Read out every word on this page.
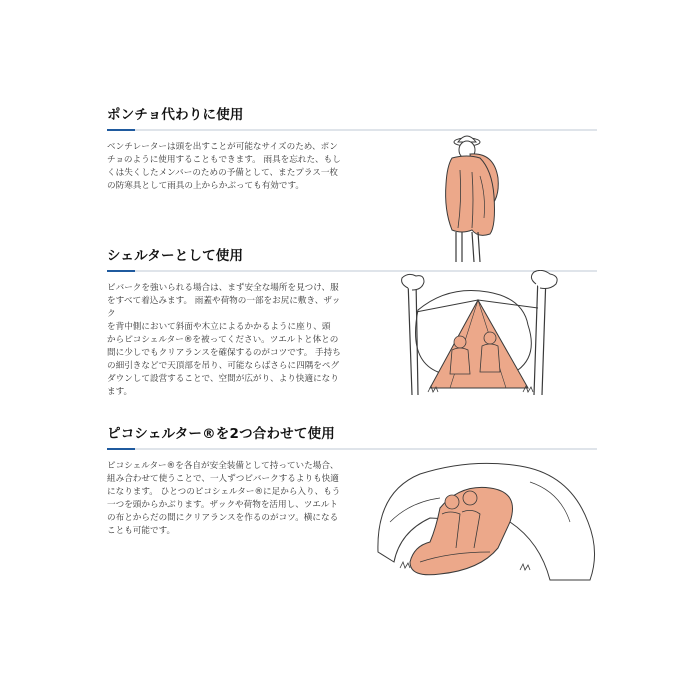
ポンチョ代わりに使用

ベンチレーターは頭を出すことが可能なサイズのため、ポン

チョのように使用することもできます。 雨具を忘れた、もし

くは失くしたメンバーのための予備として、またプラス一枚

の防寒具として雨具の上からかぶっても有効です。

シェルターとして使用

ビバークを強いられる場合は、まず安全な場所を見つけ、服

をすべて着込みます。 雨蓋や荷物の一部をお尻に敷き、ザック

を背中側において斜面や木立によるかかるように座り、頭

からピコシェルター®を被ってください。ツエルトと体との

間に少しでもクリアランスを確保するのがコツです。 手持ち

の細引きなどで天頂部を吊り、可能ならばさらに四隅をペグ

ダウンして設営することで、空間が広がり、より快適になり

ます。

ピコシェルター®を2つ合わせて使用

ピコシェルター®を各自が安全装備として持っていた場合、

組み合わせて使うことで、一人ずつビバークするよりも快適

になります。 ひとつのピコシェルター®に足から入り、もう

一つを頭からかぶります。ザックや荷物を活用し、ツエルト

の布とからだの間にクリアランスを作るのがコツ。横になる

ことも可能です。
